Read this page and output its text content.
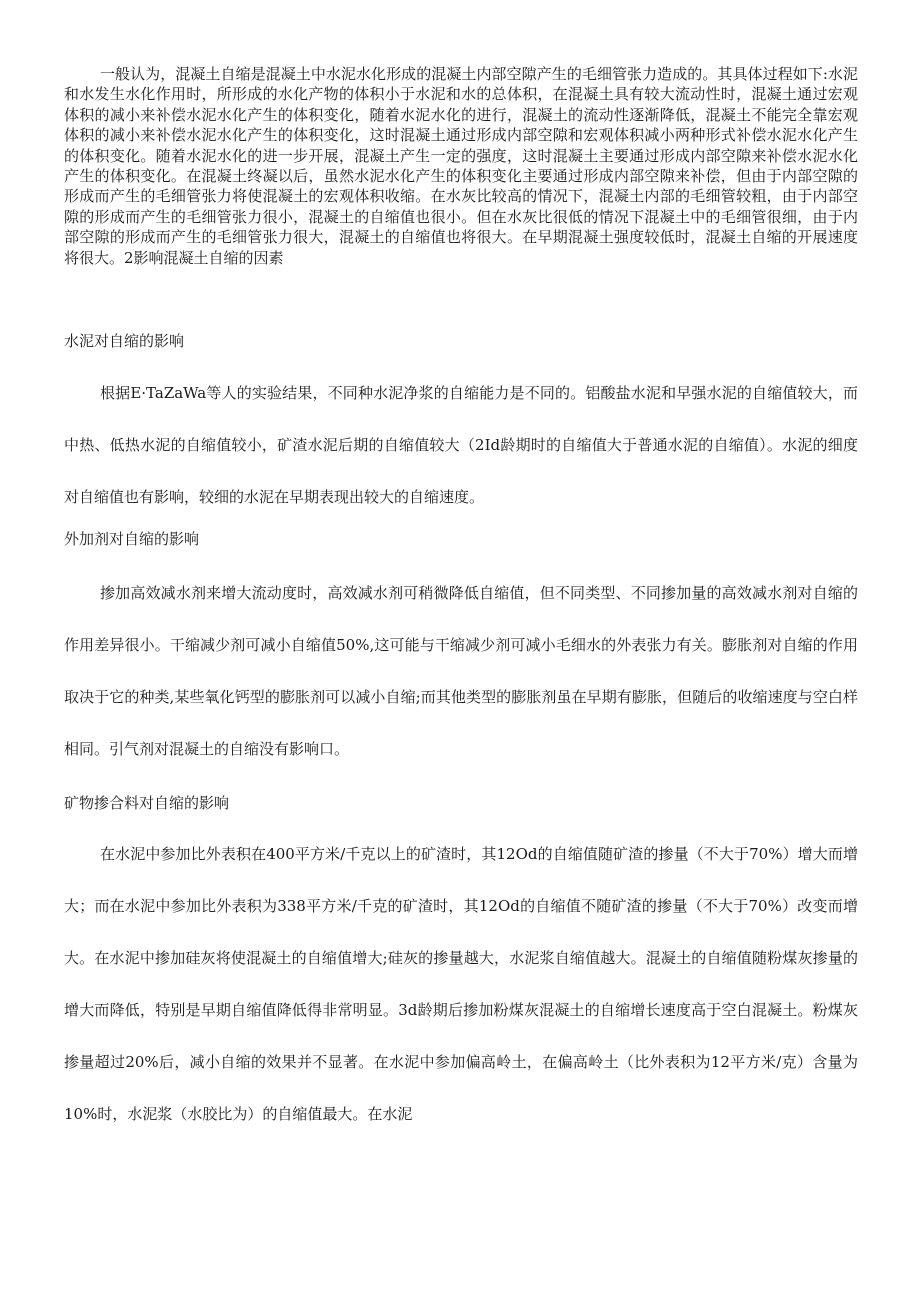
一般认为，混凝土自缩是混凝土中水泥水化形成的混凝土内部空隙产生的毛细管张力造成的。其具体过程如下:水泥和水发生水化作用时，所形成的水化产物的体积小于水泥和水的总体积，在混凝土具有较大流动性时，混凝土通过宏观体积的减小来补偿水泥水化产生的体积变化，随着水泥水化的进行，混凝土的流动性逐渐降低，混凝土不能完全靠宏观体积的减小来补偿水泥水化产生的体积变化，这时混凝土通过形成内部空隙和宏观体积减小两种形式补偿水泥水化产生的体积变化。随着水泥水化的进一步开展，混凝土产生一定的强度，这时混凝土主要通过形成内部空隙来补偿水泥水化产生的体积变化。在混凝土终凝以后，虽然水泥水化产生的体积变化主要通过形成内部空隙来补偿，但由于内部空隙的形成而产生的毛细管张力将使混凝土的宏观体积收缩。在水灰比较高的情况下，混凝土内部的毛细管较粗，由于内部空隙的形成而产生的毛细管张力很小，混凝土的自缩值也很小。但在水灰比很低的情况下混凝土中的毛细管很细，由于内部空隙的形成而产生的毛细管张力很大，混凝土的自缩值也将很大。在早期混凝土强度较低时，混凝土自缩的开展速度将很大。2影响混凝土自缩的因素

水泥对自缩的影响

根据E·TaZaWa等人的实验结果，不同种水泥净浆的自缩能力是不同的。铝酸盐水泥和早强水泥的自缩值较大，而中热、低热水泥的自缩值较小，矿渣水泥后期的自缩值较大（2Id龄期时的自缩值大于普通水泥的自缩值）。水泥的细度对自缩值也有影响，较细的水泥在早期表现出较大的自缩速度。

外加剂对自缩的影响

掺加高效减水剂来增大流动度时，高效减水剂可稍微降低自缩值，但不同类型、不同掺加量的高效减水剂对自缩的作用差异很小。干缩减少剂可减小自缩值50%,这可能与干缩减少剂可减小毛细水的外表张力有关。膨胀剂对自缩的作用取决于它的种类,某些氧化钙型的膨胀剂可以减小自缩;而其他类型的膨胀剂虽在早期有膨胀，但随后的收缩速度与空白样相同。引气剂对混凝土的自缩没有影响口。

矿物掺合料对自缩的影响

在水泥中参加比外表积在400平方米/千克以上的矿渣时，其12Od的自缩值随矿渣的掺量（不大于70%）增大而增大；而在水泥中参加比外表积为338平方米/千克的矿渣时，其12Od的自缩值不随矿渣的掺量（不大于70%）改变而增大。在水泥中掺加硅灰将使混凝土的自缩值增大;硅灰的掺量越大，水泥浆自缩值越大。混凝土的自缩值随粉煤灰掺量的增大而降低，特别是早期自缩值降低得非常明显。3d龄期后掺加粉煤灰混凝土的自缩增长速度高于空白混凝土。粉煤灰掺量超过20%后，减小自缩的效果并不显著。在水泥中参加偏高岭土，在偏高岭土（比外表积为12平方米/克）含量为10%时，水泥浆（水胶比为）的自缩值最大。在水泥
